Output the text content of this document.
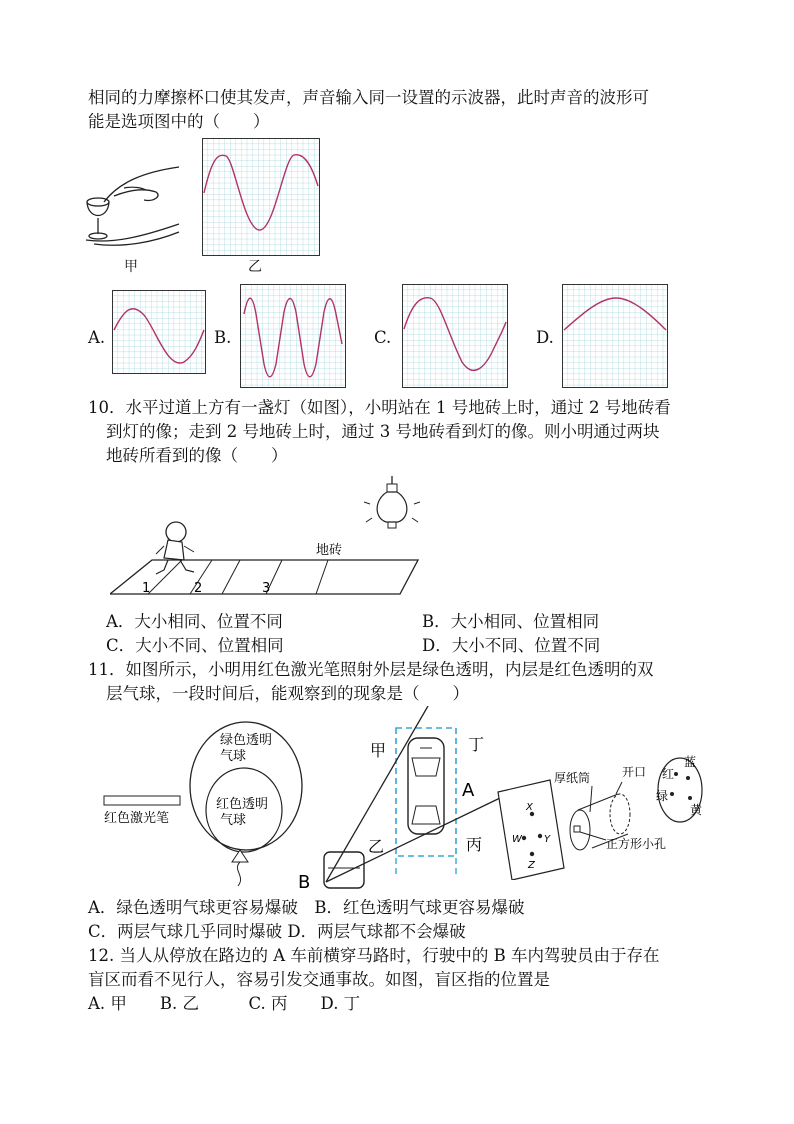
相同的力摩擦杯口使其发声，声音输入同一设置的示波器，此时声音的波形可
能是选项图中的（　　）
甲	乙
A.	B.	C.	D.
10．水平过道上方有一盏灯（如图），小明站在 1 号地砖上时，通过 2 号地砖看
到灯的像；走到 2 号地砖上时，通过 3 号地砖看到灯的像。则小明通过两块
地砖所看到的像（　　）
地砖
1	2	3
A．大小相同、位置不同	B．大小相同、位置相同
C．大小不同、位置相同	D．大小不同、位置不同
11．如图所示，小明用红色激光笔照射外层是绿色透明，内层是红色透明的双
层气球，一段时间后，能观察到的现象是（　　）
绿色透明
气球
红色透明
气球
红色激光笔
甲	丁
乙	丙
A
B
X
W Y
Z
厚纸筒	开口
正方形小孔
红
蓝
绿
黄
A．绿色透明气球更容易爆破　B．红色透明气球更容易爆破
C．两层气球几乎同时爆破 D．两层气球都不会爆破
12. 当人从停放在路边的 A 车前横穿马路时，行驶中的 B 车内驾驶员由于存在
盲区而看不见行人，容易引发交通事故。如图，盲区指的位置是
A. 甲　　B. 乙　　　C. 丙　　D. 丁
